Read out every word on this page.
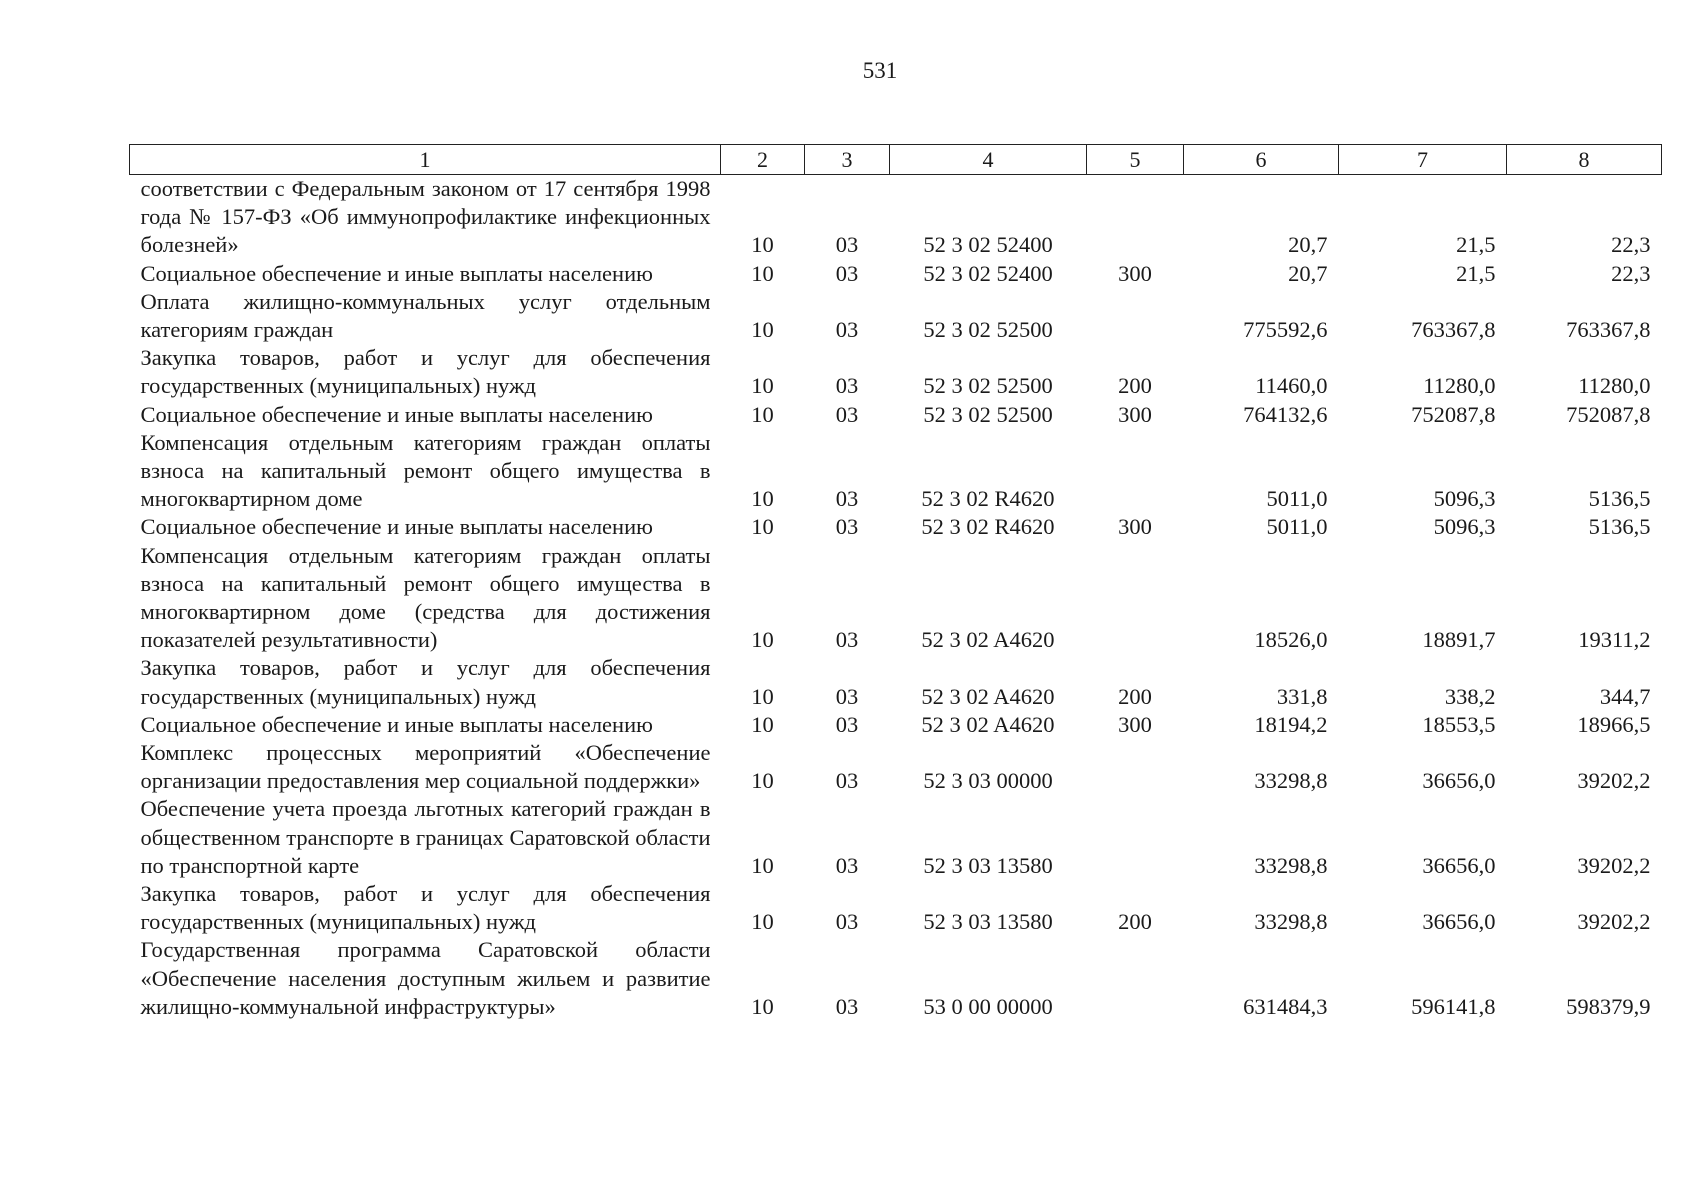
531
1	2	3	4	5	6	7	8
соответствии с Федеральным законом от 17 сентября 1998 года № 157-ФЗ «Об иммунопрофилактике инфекционных болезней»	10	03	52 3 02 52400		20,7	21,5	22,3
Социальное обеспечение и иные выплаты населению	10	03	52 3 02 52400	300	20,7	21,5	22,3
Оплата жилищно-коммунальных услуг отдельным категориям граждан	10	03	52 3 02 52500		775592,6	763367,8	763367,8
Закупка товаров, работ и услуг для обеспечения государственных (муниципальных) нужд	10	03	52 3 02 52500	200	11460,0	11280,0	11280,0
Социальное обеспечение и иные выплаты населению	10	03	52 3 02 52500	300	764132,6	752087,8	752087,8
Компенсация отдельным категориям граждан оплаты взноса на капитальный ремонт общего имущества в многоквартирном доме	10	03	52 3 02 R4620		5011,0	5096,3	5136,5
Социальное обеспечение и иные выплаты населению	10	03	52 3 02 R4620	300	5011,0	5096,3	5136,5
Компенсация отдельным категориям граждан оплаты взноса на капитальный ремонт общего имущества в многоквартирном доме (средства для достижения показателей результативности)	10	03	52 3 02 A4620		18526,0	18891,7	19311,2
Закупка товаров, работ и услуг для обеспечения государственных (муниципальных) нужд	10	03	52 3 02 A4620	200	331,8	338,2	344,7
Социальное обеспечение и иные выплаты населению	10	03	52 3 02 A4620	300	18194,2	18553,5	18966,5
Комплекс процессных мероприятий «Обеспечение организации предоставления мер социальной поддержки»	10	03	52 3 03 00000		33298,8	36656,0	39202,2
Обеспечение учета проезда льготных категорий граждан в общественном транспорте в границах Саратовской области по транспортной карте	10	03	52 3 03 13580		33298,8	36656,0	39202,2
Закупка товаров, работ и услуг для обеспечения государственных (муниципальных) нужд	10	03	52 3 03 13580	200	33298,8	36656,0	39202,2
Государственная программа Саратовской области «Обеспечение населения доступным жильем и развитие жилищно-коммунальной инфраструктуры»	10	03	53 0 00 00000		631484,3	596141,8	598379,9
